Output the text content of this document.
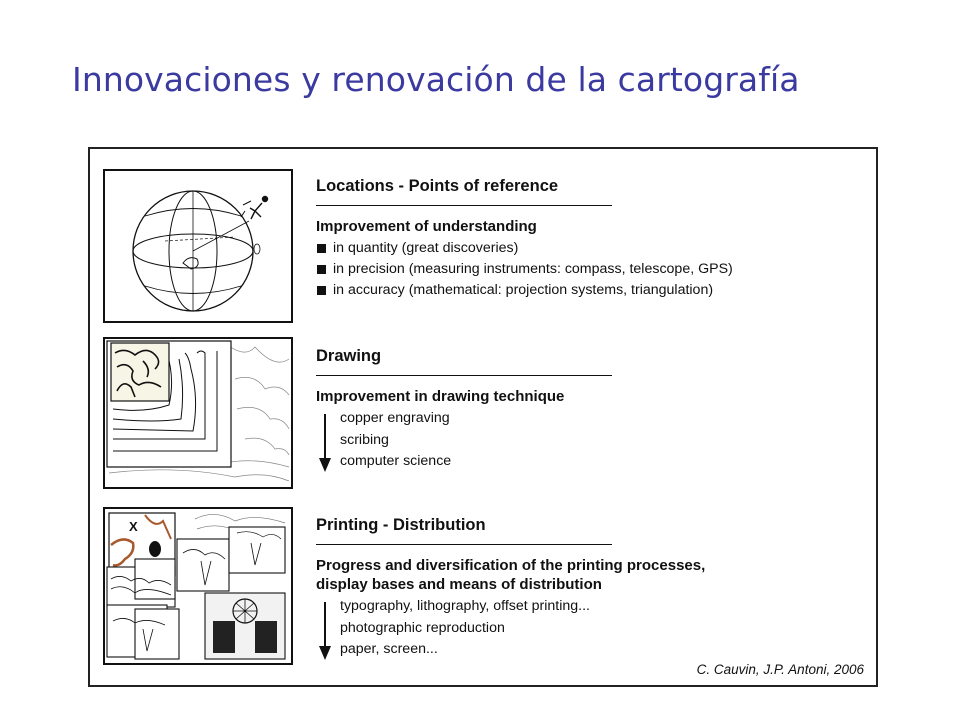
Innovaciones y renovación de la cartografía
X
Locations - Points of reference
Improvement of understanding
in quantity (great discoveries)
in precision (measuring instruments: compass, telescope, GPS)
in accuracy (mathematical: projection systems, triangulation)
Drawing
Improvement in drawing technique
copper engraving
scribing
computer science
Printing - Distribution
Progress and diversification of the printing processes,
display bases and means of distribution
typography, lithography, offset printing...
photographic reproduction
paper, screen...
C. Cauvin, J.P. Antoni, 2006
